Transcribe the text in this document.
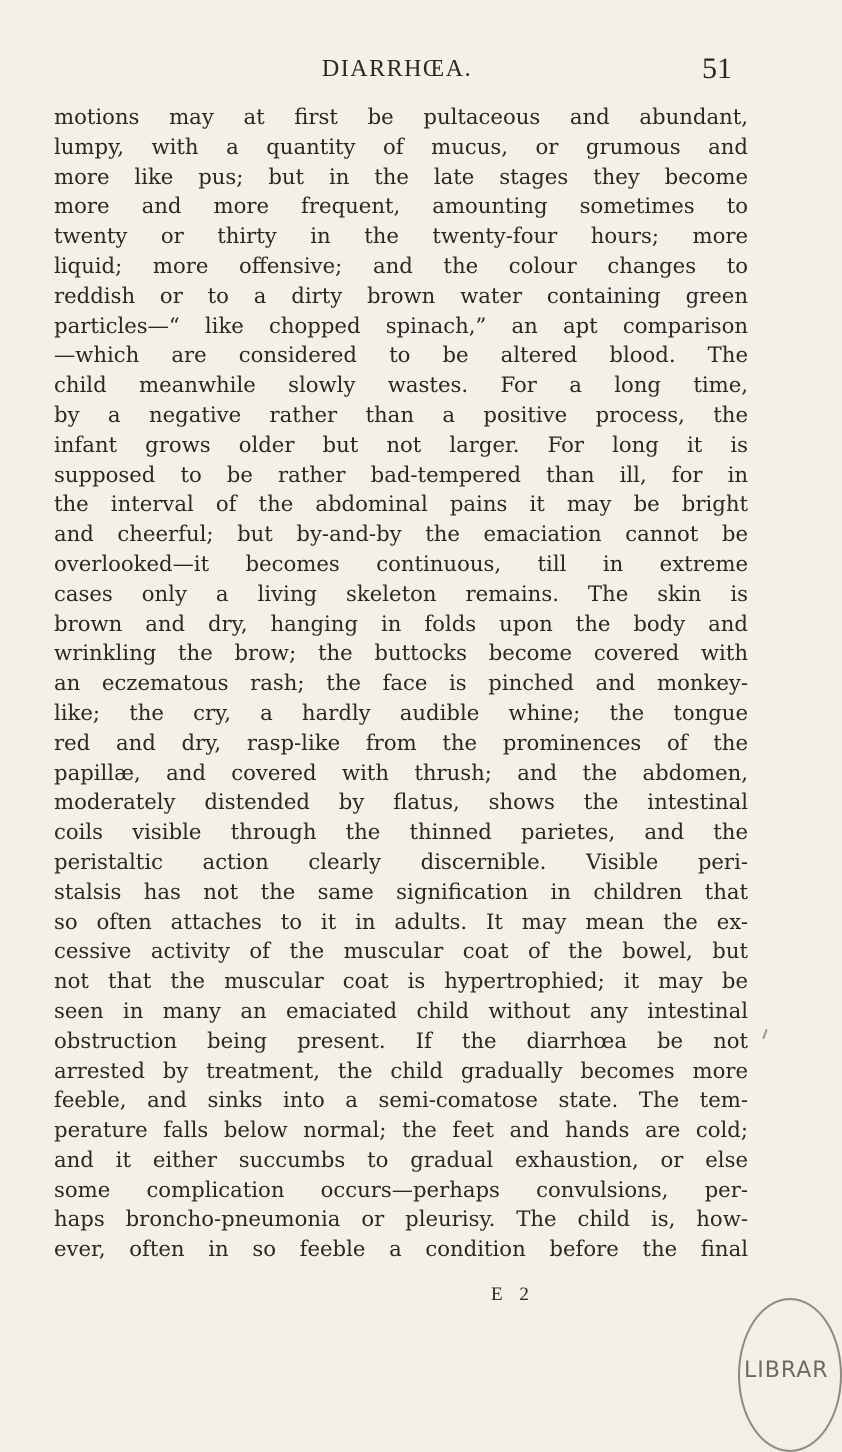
DIARRHŒA.	51
motions may at first be pultaceous and abundant,
lumpy, with a quantity of mucus, or grumous and
more like pus; but in the late stages they become
more and more frequent, amounting sometimes to
twenty or thirty in the twenty-four hours; more
liquid; more offensive; and the colour changes to
reddish or to a dirty brown water containing green
particles—“ like chopped spinach,” an apt comparison
—which are considered to be altered blood. The
child meanwhile slowly wastes. For a long time,
by a negative rather than a positive process, the
infant grows older but not larger. For long it is
supposed to be rather bad-tempered than ill, for in
the interval of the abdominal pains it may be bright
and cheerful; but by-and-by the emaciation cannot be
overlooked—it becomes continuous, till in extreme
cases only a living skeleton remains. The skin is
brown and dry, hanging in folds upon the body and
wrinkling the brow; the buttocks become covered with
an eczematous rash; the face is pinched and monkey-
like; the cry, a hardly audible whine; the tongue
red and dry, rasp-like from the prominences of the
papillæ, and covered with thrush; and the abdomen,
moderately distended by flatus, shows the intestinal
coils visible through the thinned parietes, and the
peristaltic action clearly discernible. Visible peri-
stalsis has not the same signification in children that
so often attaches to it in adults. It may mean the ex-
cessive activity of the muscular coat of the bowel, but
not that the muscular coat is hypertrophied; it may be
seen in many an emaciated child without any intestinal
obstruction being present. If the diarrhœa be not
arrested by treatment, the child gradually becomes more
feeble, and sinks into a semi-comatose state. The tem-
perature falls below normal; the feet and hands are cold;
and it either succumbs to gradual exhaustion, or else
some complication occurs—perhaps convulsions, per-
haps broncho-pneumonia or pleurisy. The child is, how-
ever, often in so feeble a condition before the final
E 2
LIBRAR
